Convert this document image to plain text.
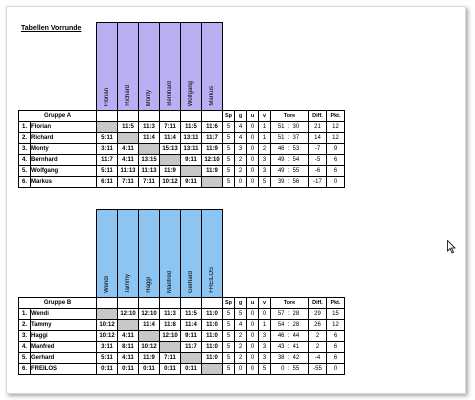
Tabellen Vorrunde
		Florian	Richard	Monty	Bernhard	Wolfgang	Markus									
Gruppe A								Sp	g	u	v	Tore			Diff.	Pkt.
1.	Florian		11:5	11:3	7:11	11:5	11:6	5	4	0	1	51	:	30	21	12
2.	Richard	5:11		11:4	11:4	13:11	11:7	5	4	0	1	51	:	37	14	12
3.	Monty	3:11	4:11		15:13	13:11	11:9	5	3	0	2	46	:	53	-7	9
4.	Bernhard	11:7	4:11	13:15		9:11	12:10	5	2	0	3	49	:	54	-5	6
5.	Wolfgang	5:11	11:13	11:13	11:9		11:9	5	2	0	3	49	:	55	-6	6
6.	Markus	6:11	7:11	7:11	10:12	9:11		5	0	0	5	39	:	56	-17	0
		Wendi	Tammy	Haggi	Manfred	Gerhard	FREILOS									
Gruppe B								Sp	g	u	v	Tore			Diff.	Pkt.
1.	Wendi		12:10	12:10	11:3	11:5	11:0	5	5	0	0	57	:	28	29	15
2.	Tammy	10:12		11:4	11:8	11:4	11:0	5	4	0	1	54	:	28	26	12
3.	Haggi	10:12	4:11		12:10	9:11	11:0	5	2	0	3	46	:	44	2	6
4.	Manfred	3:11	8:11	10:12		11:7	11:0	5	2	0	3	43	:	41	2	6
5.	Gerhard	5:11	4:11	11:9	7:11		11:0	5	2	0	3	38	:	42	-4	6
6.	FREILOS	0:11	0:11	0:11	0:11	0:11		5	0	0	5	0	:	55	-55	0
